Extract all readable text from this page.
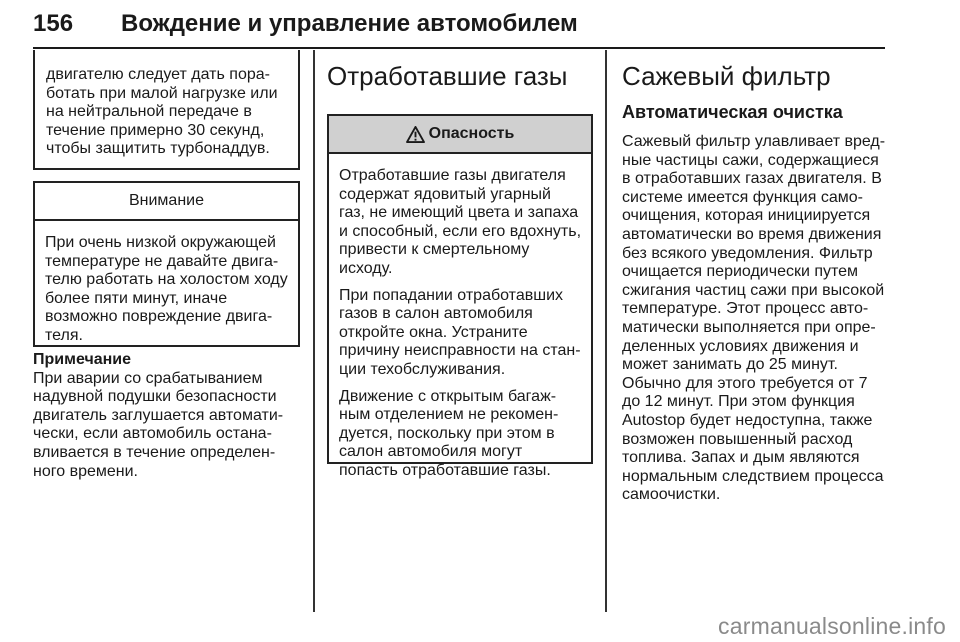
156 Вождение и управление автомобилем

двигателю следует дать пора-
ботать при малой нагрузке или
на нейтральной передаче в
течение примерно 30 секунд,
чтобы защитить турбонаддув.

Внимание

При очень низкой окружающей
температуре не давайте двига-
телю работать на холостом ходу
более пяти минут, иначе
возможно повреждение двига-
теля.

Примечание

При аварии со срабатыванием
надувной подушки безопасности
двигатель заглушается автомати-
чески, если автомобиль остана-
вливается в течение определен-
ного времени.

Отработавшие газы
Опасность

Отработавшие газы двигателя
содержат ядовитый угарный
газ, не имеющий цвета и запаха
и способный, если его вдохнуть,
привести к смертельному
исходу.

При попадании отработавших
газов в салон автомобиля
откройте окна. Устраните
причину неисправности на стан-
ции техобслуживания.

Движение с открытым багаж-
ным отделением не рекомен-
дуется, поскольку при этом в
салон автомобиля могут
попасть отработавшие газы.

Сажевый фильтр
Автоматическая очистка

Сажевый фильтр улавливает вред-
ные частицы сажи, содержащиеся
в отработавших газах двигателя. В
системе имеется функция само-
очищения, которая инициируется
автоматически во время движения
без всякого уведомления. Фильтр
очищается периодически путем
сжигания частиц сажи при высокой
температуре. Этот процесс авто-
матически выполняется при опре-
деленных условиях движения и
может занимать до 25 минут.
Обычно для этого требуется от 7
до 12 минут. При этом функция
Autostop будет недоступна, также
возможен повышенный расход
топлива. Запах и дым являются
нормальным следствием процесса
самоочистки.

carmanualsonline.info
